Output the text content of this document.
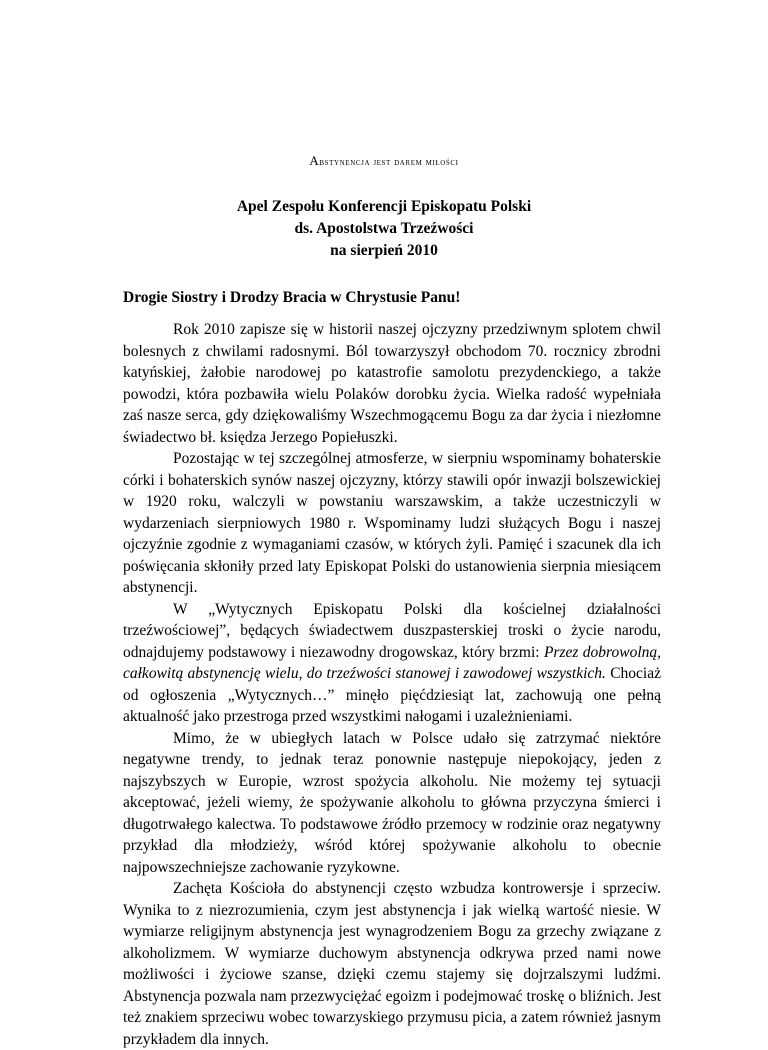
Abstynencja jest darem miłości
Apel Zespołu Konferencji Episkopatu Polski
ds. Apostolstwa Trzeźwości
na sierpień 2010
Drogie Siostry i Drodzy Bracia w Chrystusie Panu!

Rok 2010 zapisze się w historii naszej ojczyzny przedziwnym splotem chwil bolesnych z chwilami radosnymi. Ból towarzyszył obchodom 70. rocznicy zbrodni katyńskiej, żałobie narodowej po katastrofie samolotu prezydenckiego, a także powodzi, która pozbawiła wielu Polaków dorobku życia. Wielka radość wypełniała zaś nasze serca, gdy dziękowaliśmy Wszechmogącemu Bogu za dar życia i niezłomne świadectwo bł. księdza Jerzego Popiełuszki.

Pozostając w tej szczególnej atmosferze, w sierpniu wspominamy bohaterskie córki i bohaterskich synów naszej ojczyzny, którzy stawili opór inwazji bolszewickiej w 1920 roku, walczyli w powstaniu warszawskim, a także uczestniczyli w wydarzeniach sierpniowych 1980 r. Wspominamy ludzi służących Bogu i naszej ojczyźnie zgodnie z wymaganiami czasów, w których żyli. Pamięć i szacunek dla ich poświęcania skłoniły przed laty Episkopat Polski do ustanowienia sierpnia miesiącem abstynencji.

W „Wytycznych Episkopatu Polski dla kościelnej działalności trzeźwościowej”, będących świadectwem duszpasterskiej troski o życie narodu, odnajdujemy podstawowy i niezawodny drogowskaz, który brzmi: Przez dobrowolną, całkowitą abstynencję wielu, do trzeźwości stanowej i zawodowej wszystkich. Chociaż od ogłoszenia „Wytycznych…” minęło pięćdziesiąt lat, zachowują one pełną aktualność jako przestroga przed wszystkimi nałogami i uzależnieniami.

Mimo, że w ubiegłych latach w Polsce udało się zatrzymać niektóre negatywne trendy, to jednak teraz ponownie następuje niepokojący, jeden z najszybszych w Europie, wzrost spożycia alkoholu. Nie możemy tej sytuacji akceptować, jeżeli wiemy, że spożywanie alkoholu to główna przyczyna śmierci i długotrwałego kalectwa. To podstawowe źródło przemocy w rodzinie oraz negatywny przykład dla młodzieży, wśród której spożywanie alkoholu to obecnie najpowszechniejsze zachowanie ryzykowne.

Zachęta Kościoła do abstynencji często wzbudza kontrowersje i sprzeciw. Wynika to z niezrozumienia, czym jest abstynencja i jak wielką wartość niesie. W wymiarze religijnym abstynencja jest wynagrodzeniem Bogu za grzechy związane z alkoholizmem. W wymiarze duchowym abstynencja odkrywa przed nami nowe możliwości i życiowe szanse, dzięki czemu stajemy się dojrzalszymi ludźmi. Abstynencja pozwala nam przezwyciężać egoizm i podejmować troskę o bliźnich. Jest też znakiem sprzeciwu wobec towarzyskiego przymusu picia, a zatem również jasnym przykładem dla innych.
